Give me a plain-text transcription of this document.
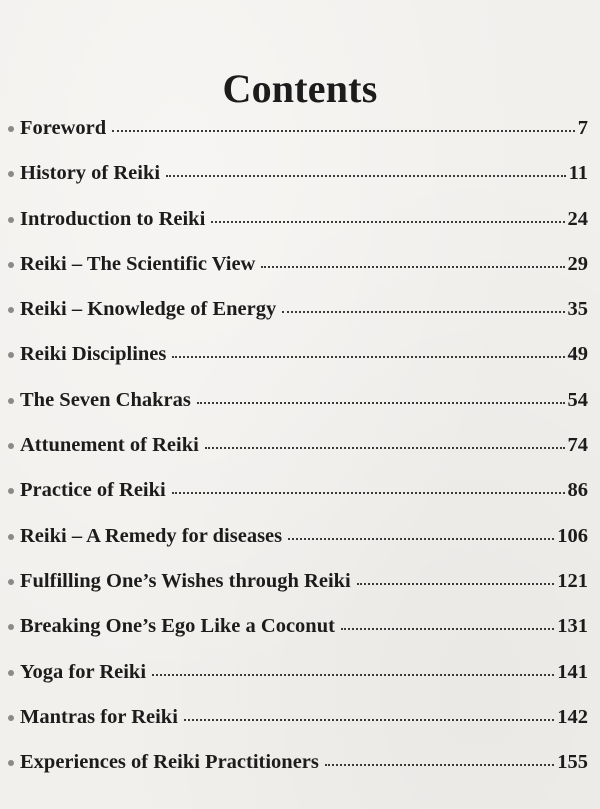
Contents
Foreword	7
History of Reiki	11
Introduction to Reiki	24
Reiki – The Scientific View	29
Reiki – Knowledge of Energy	35
Reiki Disciplines	49
The Seven Chakras	54
Attunement of Reiki	74
Practice of Reiki	86
Reiki – A Remedy for diseases	106
Fulfilling One’s Wishes through Reiki	121
Breaking One’s Ego Like a Coconut	131
Yoga for Reiki	141
Mantras for Reiki	142
Experiences of Reiki Practitioners	155
